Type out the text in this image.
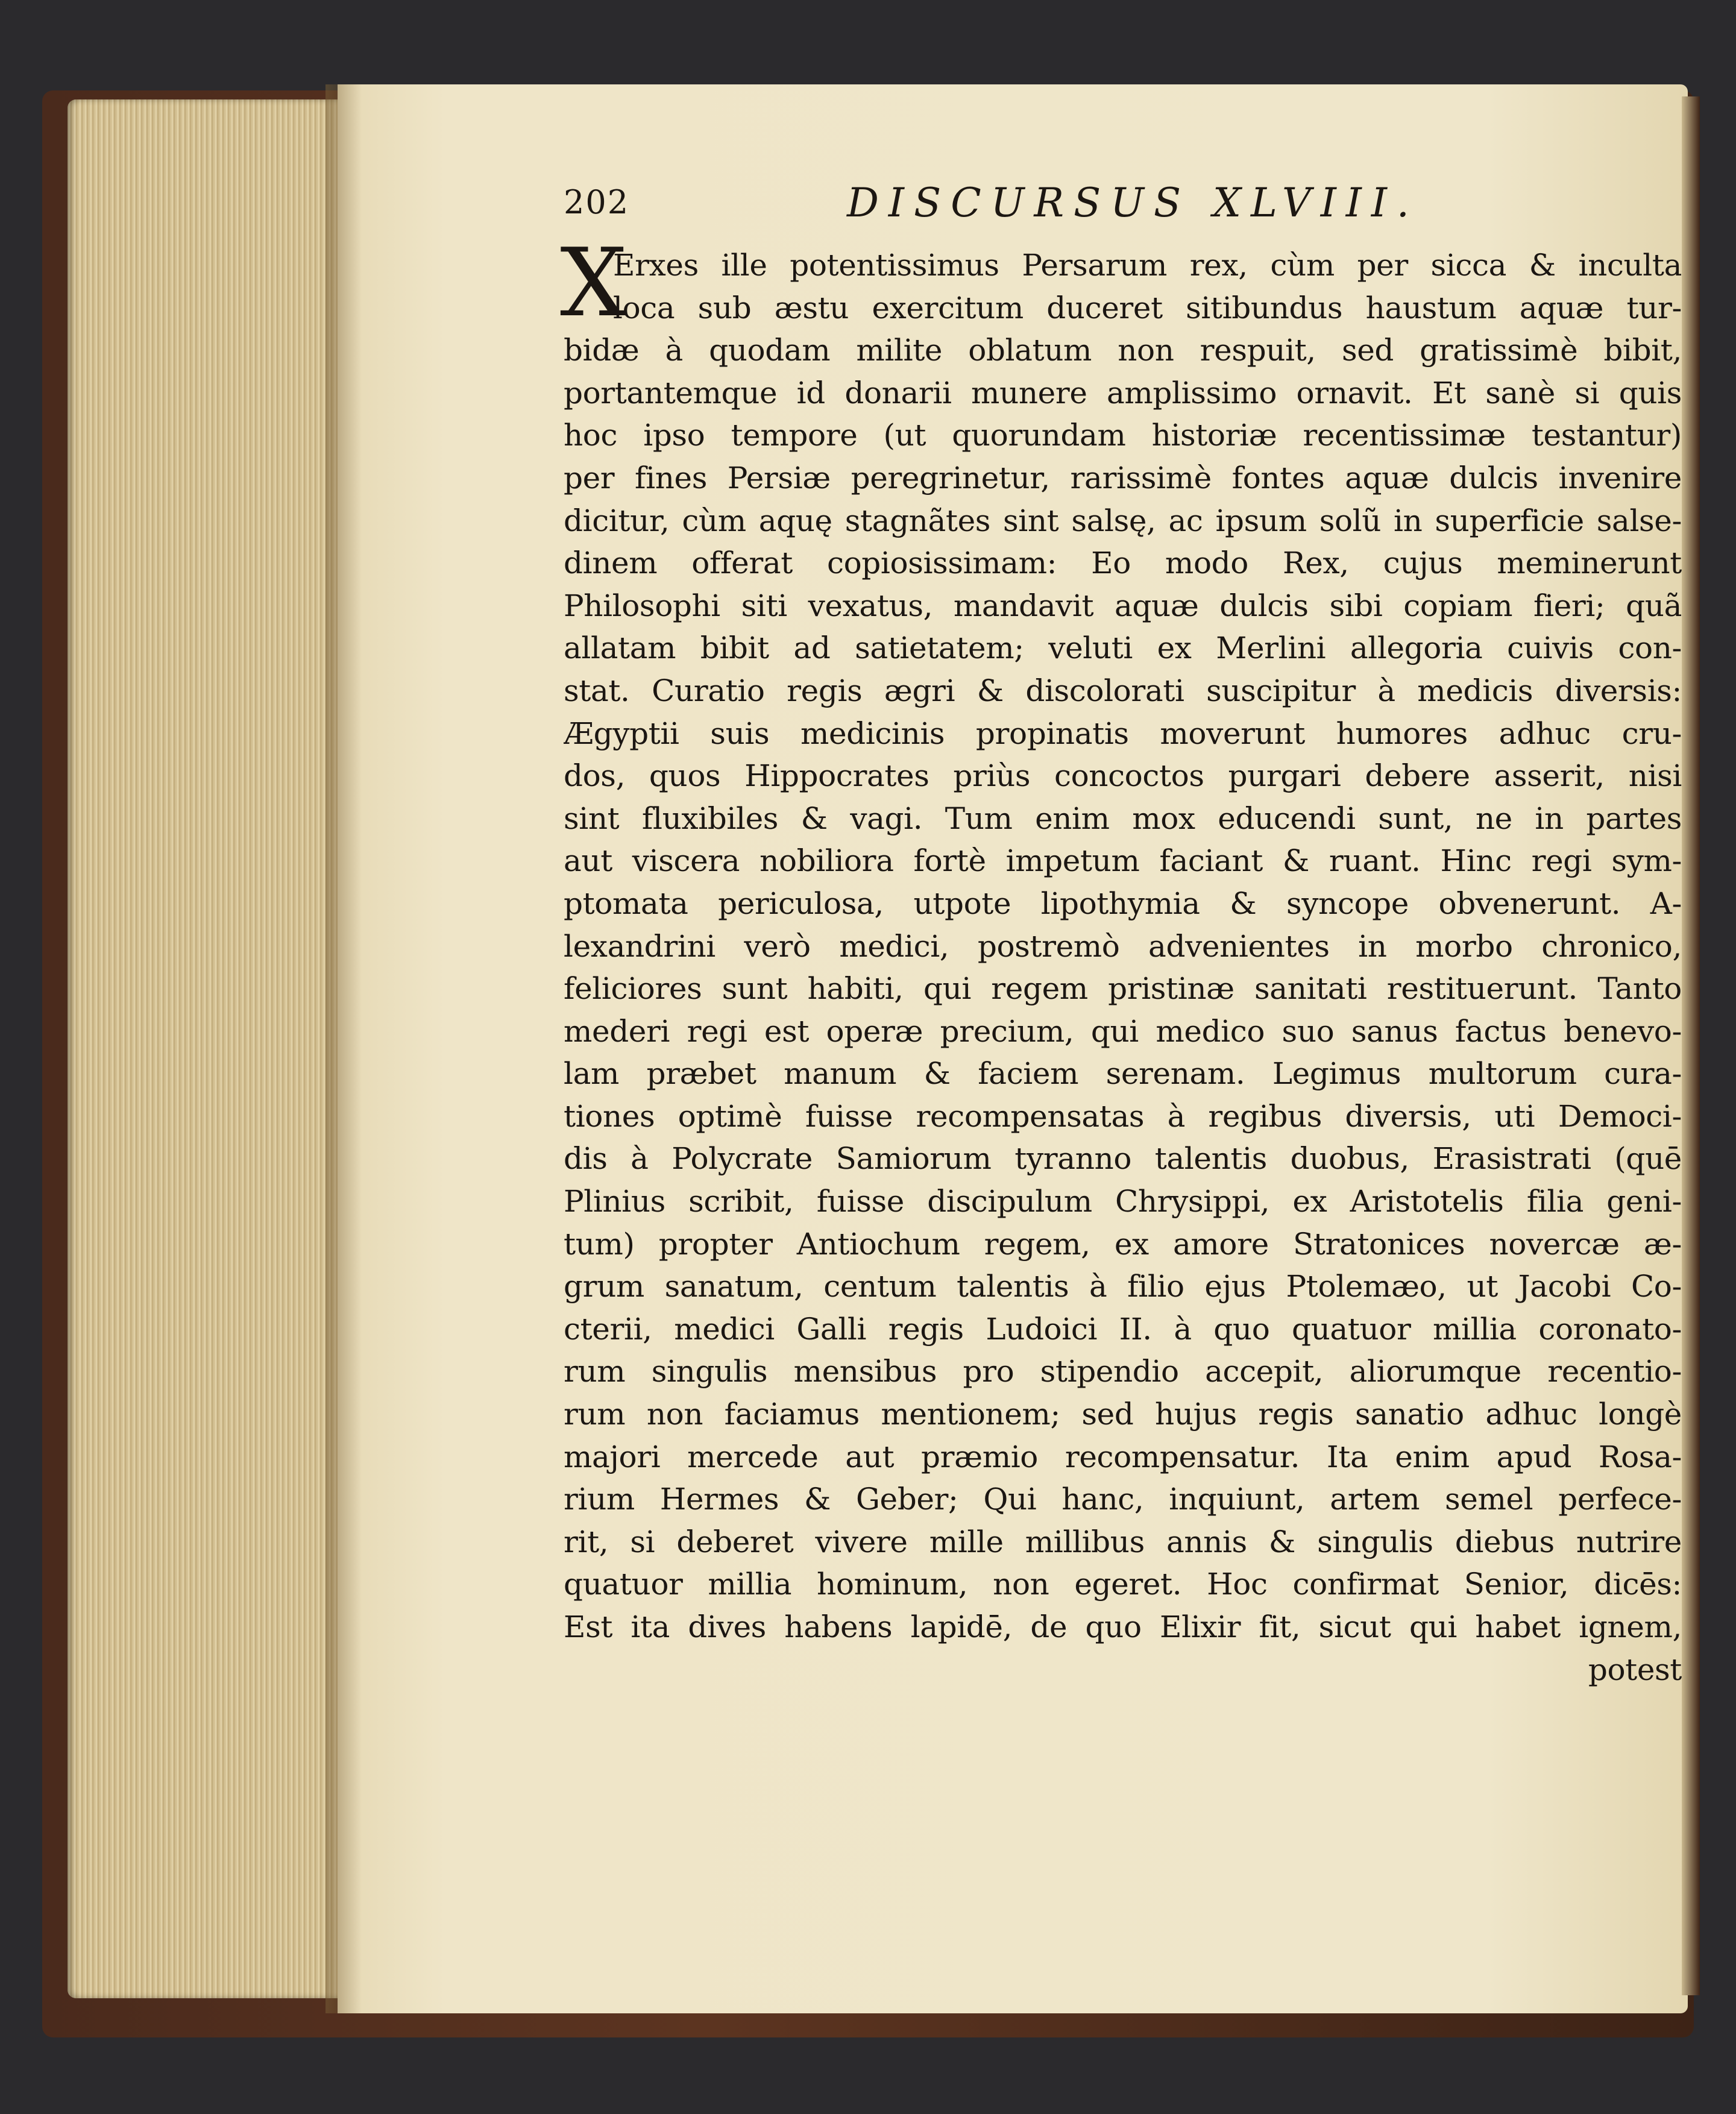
202	DISCURSUS XLVIII.
X
Erxes ille potentissimus Persarum rex, cùm per sicca & inculta
loca sub æstu exercitum duceret sitibundus haustum aquæ tur-
bidæ à quodam milite oblatum non respuit, sed gratissimè bibit,
portantemque id donarii munere amplissimo ornavit. Et sanè si quis
hoc ipso tempore (ut quorundam historiæ recentissimæ testantur)
per fines Persiæ peregrinetur, rarissimè fontes aquæ dulcis invenire
dicitur, cùm aquę stagnãtes sint salsę, ac ipsum solũ in superficie salse-
dinem offerat copiosissimam: Eo modo Rex, cujus meminerunt
Philosophi siti vexatus, mandavit aquæ dulcis sibi copiam fieri; quã
allatam bibit ad satietatem; veluti ex Merlini allegoria cuivis con-
stat. Curatio regis ægri & discolorati suscipitur à medicis diversis:
Ægyptii suis medicinis propinatis moverunt humores adhuc cru-
dos, quos Hippocrates priùs concoctos purgari debere asserit, nisi
sint fluxibiles & vagi. Tum enim mox educendi sunt, ne in partes
aut viscera nobiliora fortè impetum faciant & ruant. Hinc regi sym-
ptomata periculosa, utpote lipothymia & syncope obvenerunt. A-
lexandrini verò medici, postremò advenientes in morbo chronico,
feliciores sunt habiti, qui regem pristinæ sanitati restituerunt. Tanto
mederi regi est operæ precium, qui medico suo sanus factus benevo-
lam præbet manum & faciem serenam. Legimus multorum cura-
tiones optimè fuisse recompensatas à regibus diversis, uti Democi-
dis à Polycrate Samiorum tyranno talentis duobus, Erasistrati (quē
Plinius scribit, fuisse discipulum Chrysippi, ex Aristotelis filia geni-
tum) propter Antiochum regem, ex amore Stratonices novercæ æ-
grum sanatum, centum talentis à filio ejus Ptolemæo, ut Jacobi Co-
cterii, medici Galli regis Ludoici II. à quo quatuor millia coronato-
rum singulis mensibus pro stipendio accepit, aliorumque recentio-
rum non faciamus mentionem; sed hujus regis sanatio adhuc longè
majori mercede aut præmio recompensatur. Ita enim apud Rosa-
rium Hermes & Geber; Qui hanc, inquiunt, artem semel perfece-
rit, si deberet vivere mille millibus annis & singulis diebus nutrire
quatuor millia hominum, non egeret. Hoc confirmat Senior, dicēs:
Est ita dives habens lapidē, de quo Elixir fit, sicut qui habet ignem,
potest
